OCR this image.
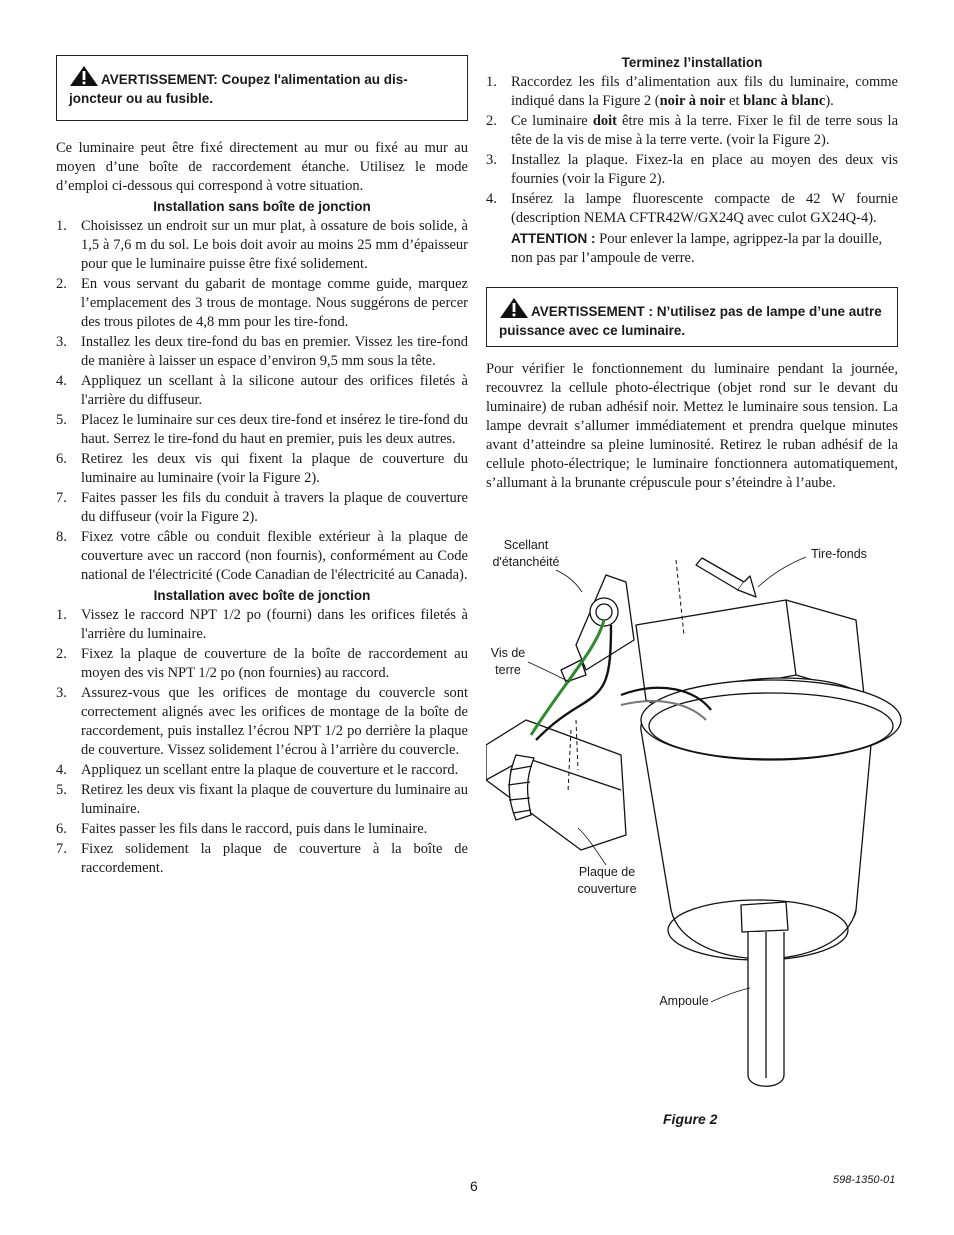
AVERTISSEMENT: Coupez l'alimentation au dis-joncteur ou au fusible.

Ce luminaire peut être fixé directement au mur ou fixé au mur au moyen d’une boîte de raccordement étanche. Utilisez le mode d’emploi ci-dessous qui correspond à votre situation.

Installation sans boîte de jonction
1. Choisissez un endroit sur un mur plat, à ossature de bois solide, à 1,5 à 7,6 m du sol. Le bois doit avoir au moins 25 mm d’épaisseur pour que le luminaire puisse être fixé solidement.
2. En vous servant du gabarit de montage comme guide, marquez l’emplacement des 3 trous de montage. Nous suggérons de percer des trous pilotes de 4,8 mm pour les tire-fond.
3. Installez les deux tire-fond du bas en premier. Vissez les tire-fond de manière à laisser un espace d’environ 9,5 mm sous la tête.
4. Appliquez un scellant à la silicone autour des orifices filetés à l'arrière du diffuseur.
5. Placez le luminaire sur ces deux tire-fond et insérez le tire-fond du haut. Serrez le tire-fond du haut en premier, puis les deux autres.
6. Retirez les deux vis qui fixent la plaque de couverture du luminaire au luminaire (voir la Figure 2).
7. Faites passer les fils du conduit à travers la plaque de couverture du diffuseur (voir la Figure 2).
8. Fixez votre câble ou conduit flexible extérieur à la plaque de couverture avec un raccord (non fournis), conformément au Code national de l'électricité (Code Canadian de l'électricité au Canada).
Installation avec boîte de jonction
1. Vissez le raccord NPT 1/2 po (fourni) dans les orifices filetés à l'arrière du luminaire.
2. Fixez la plaque de couverture de la boîte de raccordement au moyen des vis NPT 1/2 po (non fournies) au raccord.
3. Assurez-vous que les orifices de montage du couvercle sont correctement alignés avec les orifices de montage de la boîte de raccordement, puis installez l’écrou NPT 1/2 po derrière la plaque de couverture. Vissez solidement l’écrou à l’arrière du couvercle.
4. Appliquez un scellant entre la plaque de couverture et le raccord.
5. Retirez les deux vis fixant la plaque de couverture du luminaire au luminaire.
6. Faites passer les fils dans le raccord, puis dans le luminaire.
7. Fixez solidement la plaque de couverture à la boîte de raccordement.
Terminez l’installation
1. Raccordez les fils d’alimentation aux fils du luminaire, comme indiqué dans la Figure 2 (noir à noir et blanc à blanc).
2. Ce luminaire doit être mis à la terre. Fixer le fil de terre sous la tête de la vis de mise à la terre verte. (voir la Figure 2).
3. Installez la plaque. Fixez-la en place au moyen des deux vis fournies (voir la Figure 2).
4. Insérez la lampe fluorescente compacte de 42 W fournie (description NEMA CFTR42W/GX24Q avec culot GX24Q-4).
ATTENTION : Pour enlever la lampe, agrippez-la par la douille, non pas par l’ampoule de verre.
AVERTISSEMENT : N’utilisez pas de lampe d’une autre puissance avec ce luminaire.

Pour vérifier le fonctionnement du luminaire pendant la journée, recouvrez la cellule photo-électrique (objet rond sur le devant du luminaire) de ruban adhésif noir. Mettez le luminaire sous tension. La lampe devrait s’allumer immédiatement et prendra quelque minutes avant d’atteindre sa pleine luminosité. Retirez le ruban adhésif de la cellule photo-électrique; le luminaire fonctionnera automatiquement, s’allumant à la brunante crépuscule pour s’éteindre à l’aube.

Scellant
d'étanchéité
Tire-fonds
Vis de
terre
Plaque de
couverture
Ampoule
Figure 2
6	598-1350-01
